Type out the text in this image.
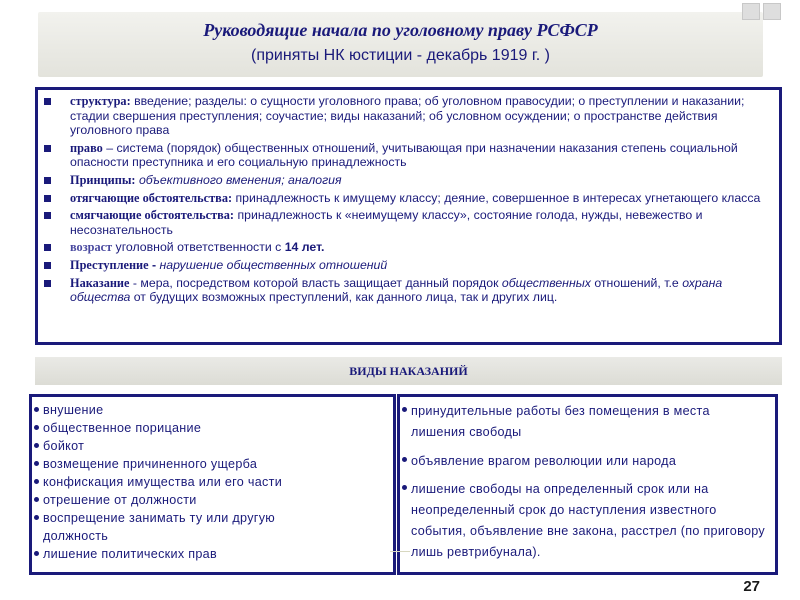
Руководящие начала по уголовному праву РСФСР
(приняты НК юстиции - декабрь 1919 г. )
структура: введение; разделы: о сущности уголовного права; об уголовном правосудии; о преступлении и наказании; стадии свершения преступления; соучастие; виды наказаний; об условном осуждении; о пространстве действия уголовного права
право – система (порядок) общественных отношений, учитывающая при назначении наказания степень социальной опасности преступника и его социальную принадлежность
Принципы: объективного вменения; аналогия
отягчающие обстоятельства: принадлежность к имущему классу; деяние, совершенное в интересах угнетающего класса
смягчающие обстоятельства: принадлежность к «неимущему классу», состояние голода, нужды, невежество и несознательность
возраст уголовной ответственности с 14 лет.
Преступление - нарушение общественных отношений
Наказание - мера, посредством которой власть защищает данный порядок общественных отношений, т.е охрана общества от будущих возможных преступлений, как данного лица, так и других лиц.
ВИДЫ НАКАЗАНИЙ
внушение
общественное порицание
бойкот
возмещение причиненного ущерба
конфискация имущества или его части
отрешение от должности
воспрещение занимать ту или другую должность
лишение политических прав
принудительные работы без помещения в места лишения свободы
объявление врагом революции или народа
лишение свободы на определенный срок или на неопределенный срок до наступления известного события, объявление вне закона, расстрел (по приговору лишь ревтрибунала).
27
